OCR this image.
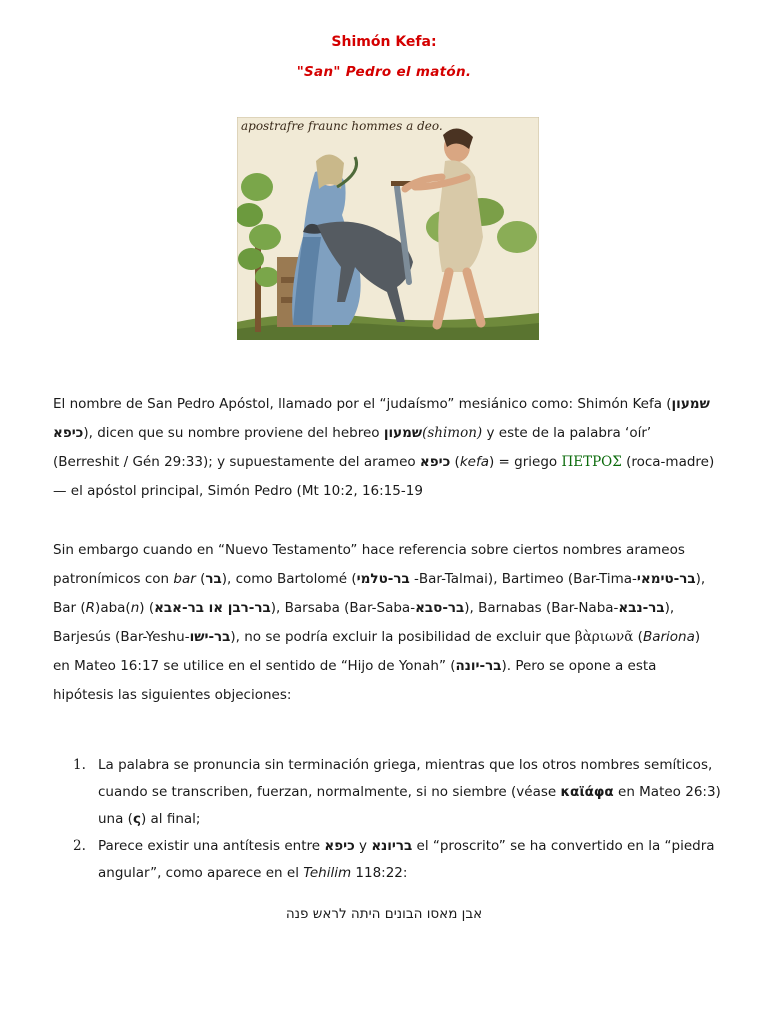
Shimón Kefa:
"San" Pedro el matón.
apostrafre fraunc hommes a deo.
El nombre de San Pedro Apóstol, llamado por el “judaísmo” mesiánico como: Shimón Kefa (שמעון כיפא), dicen que su nombre proviene del hebreo שמעון(shimon) y este de la palabra ‘oír’ (Berreshit / Gén 29:33); y supuestamente del arameo כיפא (kefa) = griego ΠΕΤΡΟΣ (roca-madre) — el apóstol principal, Simón Pedro (Mt 10:2, 16:15-19
Sin embargo cuando en “Nuevo Testamento” hace referencia sobre ciertos nombres arameos patronímicos con bar (בר), como Bartolomé (בר-טלמי -Bar-Talmai), Bartimeo (Bar-Tima-בר-טימאי), Bar (R)aba(n) (בר-רבן או בר-אבא), Barsaba (Bar-Saba-בר-סבא), Barnabas (Bar-Naba-בר-נבא), Barjesús (Bar-Yeshu-בר-ישו), no se podría excluir la posibilidad de excluir que βὰριωνᾶ (Bariona) en Mateo 16:17 se utilice en el sentido de “Hijo de Yonah” (בר-יונה). Pero se opone a esta hipótesis las siguientes objeciones:
1. La palabra se pronuncia sin terminación griega, mientras que los otros nombres semíticos, cuando se transcriben, fuerzan, normalmente, si no siembre (véase καϊάφα en Mateo 26:3) una (ς) al final;
2. Parece existir una antítesis entre כיפא y בריונא el “proscrito” se ha convertido en la “piedra angular”, como aparece en el Tehilim 118:22:
אבן מאסו הבונים היתה לראש פנה
